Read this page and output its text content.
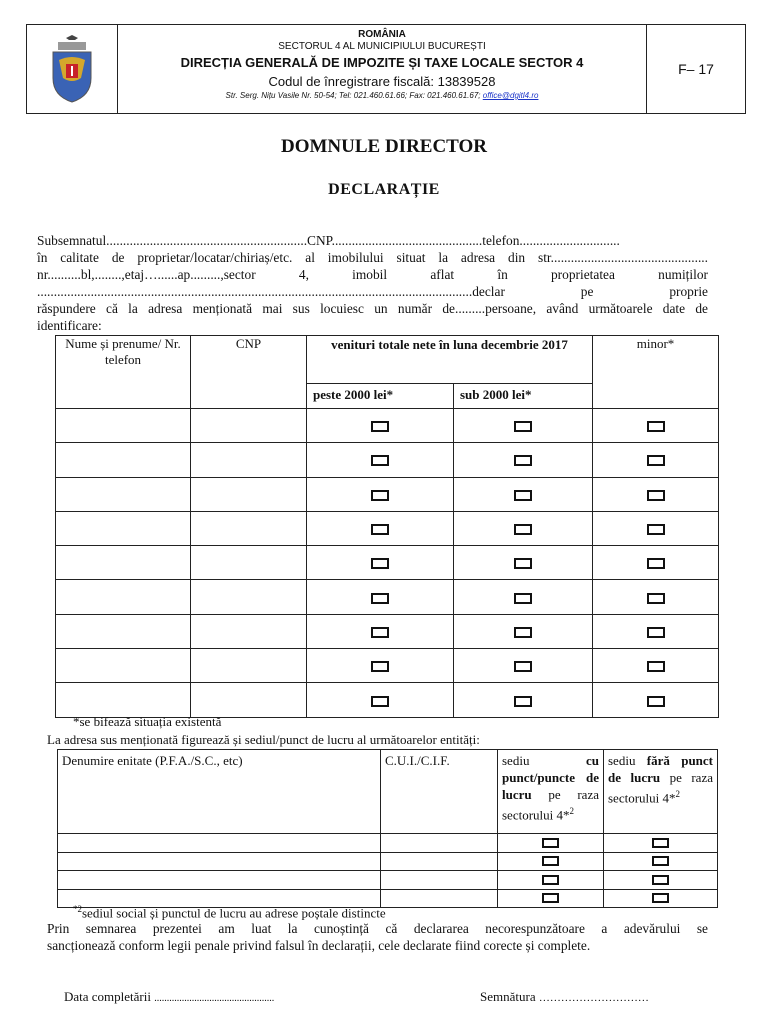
ROMÂNIA
SECTORUL 4 AL MUNICIPIULUI BUCUREȘTI
DIRECȚIA GENERALĂ DE IMPOZITE ȘI TAXE LOCALE SECTOR 4
Codul de înregistrare fiscală: 13839528
Str. Serg. Nițu Vasile Nr. 50-54; Tel: 021.460.61.66; Fax: 021.460.61.67; office@dgitl4.ro
F– 17
DOMNULE DIRECTOR
DECLARAȚIE

Subsemnatul............................................................CNP.............................................telefon..............................

în calitate de proprietar/locatar/chiriaș/etc. al imobilului situat la adresa din str...............................................

nr..........bl,........,etaj…......ap.........,sector 4, imobil aflat în proprietatea numiților

..................................................................................................................................declar pe proprie

răspundere că la adresa menționată mai sus locuiesc un număr de.........persoane, având următoarele date de

identificare:

Nume și prenume/ Nr. telefon	CNP	venituri totale nete în luna decembrie 2017		minor*
		peste 2000 lei*	sub 2000 lei*	

*se bifează situația existentă
La adresa sus menționată figurează și sediul/punct de lucru al următoarelor entități:
Denumire enitate (P.F.A./S.C., etc)	C.U.I./C.I.F.	sediu cu punct/puncte de lucru pe raza sectorului 4*$^2$	sediu fără punct de lucru pe raza sectorului 4*$^2$

$^{*2}$sediul social și punctul de lucru au adrese poștale distincte

Prin semnarea prezentei am luat la cunoștință că declararea necorespunzătoare a adevărului se

sancționează conform legii penale privind falsul în declarații, cele declarate fiind corecte și complete.

Data completării ................................................	Semnătura …………………………
